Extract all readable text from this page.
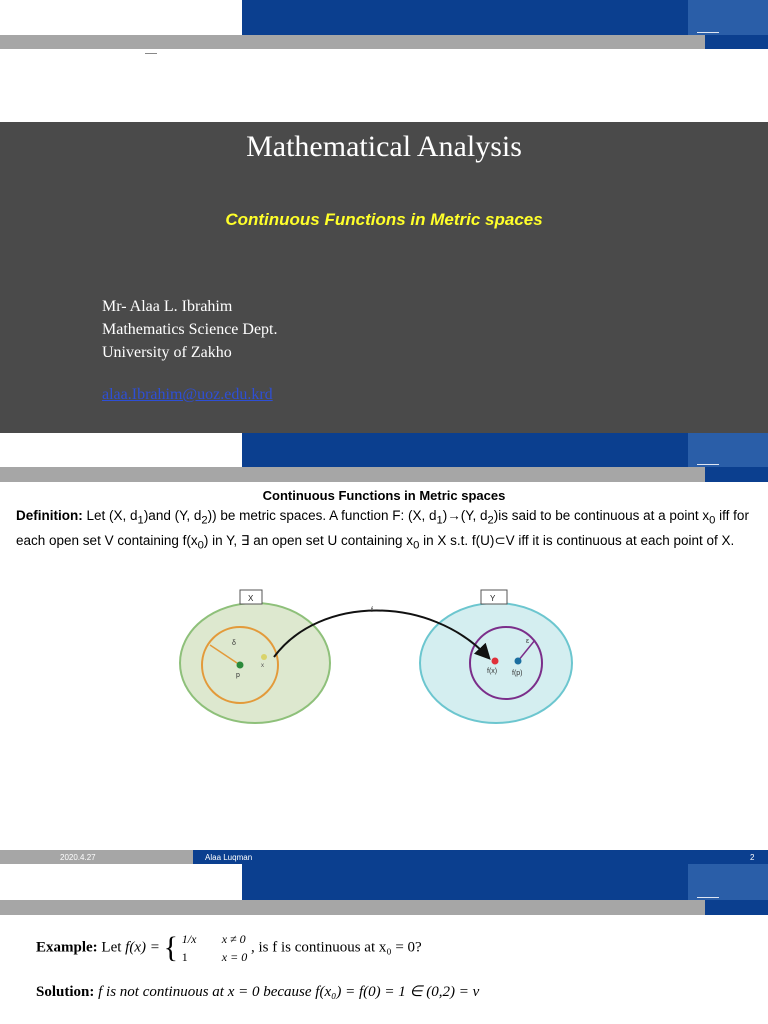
Mathematical Analysis
Continuous Functions in Metric spaces
Mr- Alaa L. Ibrahim
Mathematics Science Dept.
University of Zakho
alaa.Ibrahim@uoz.edu.krd
Continuous Functions in Metric spaces
Definition: Let (X, $d_1)and$ (Y, $d_2$)) be metric spaces. A function F: (X, $d_1)\to(Y$, $d_2)is$ said to be continuous at a point $x_0$ iff for each open set V containing $f(x_0)$ in Y, ∃ an open set U containing $x_0$ in X s.t. f(U)⊂V iff it is continuous at each point of X.
p
x
δ
f(x) f(p)
ε
f
X	Y
2020.4.27	Alaa Luqman	2
Example: Let f(x) = { 1/x x ≠ 0
1	x = 0
, is f is continuous at x₀ = 0?
Solution: f is not continuous at x = 0 because f(x₀) = f(0) = 1 ∈ (0,2) = v
